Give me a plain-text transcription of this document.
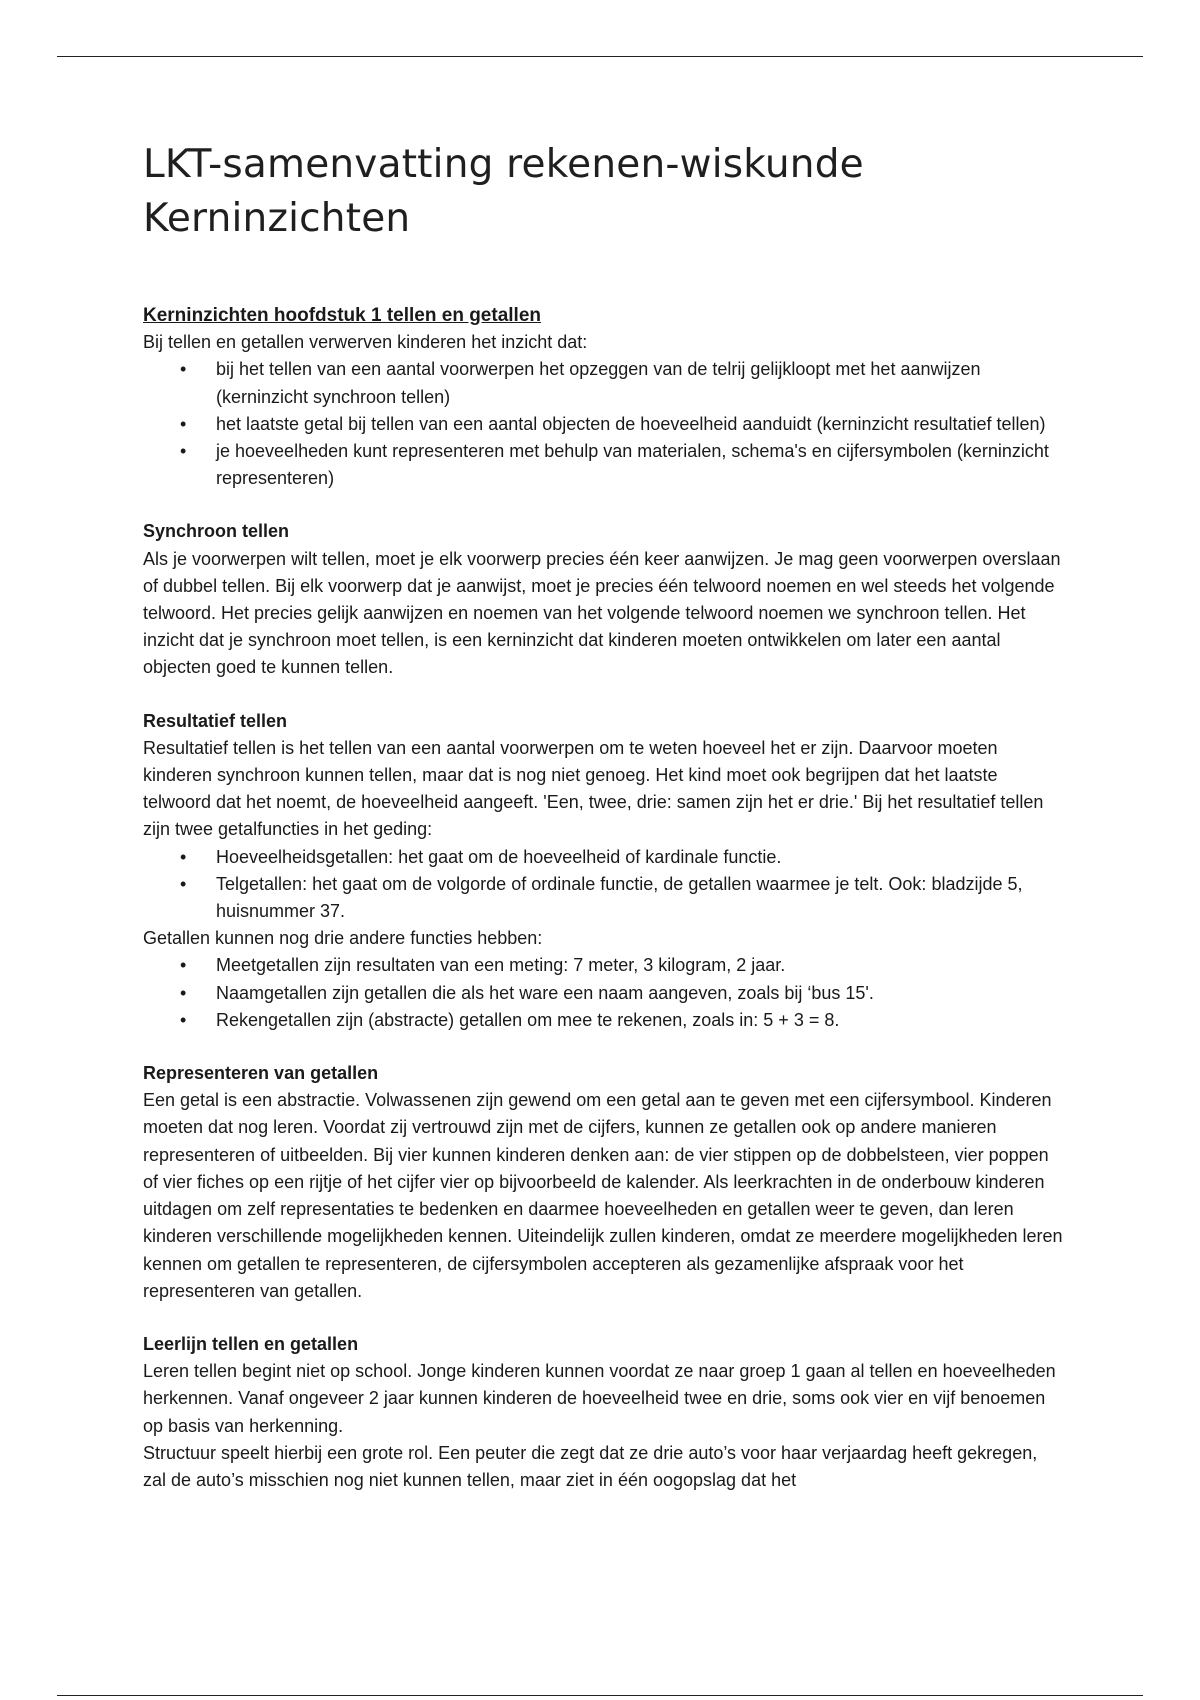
LKT-samenvatting rekenen-wiskunde
Kerninzichten

Kerninzichten hoofdstuk 1 tellen en getallen

Bij tellen en getallen verwerven kinderen het inzicht dat:

• bij het tellen van een aantal voorwerpen het opzeggen van de telrij gelijkloopt met het aanwijzen (kerninzicht synchroon tellen)
• het laatste getal bij tellen van een aantal objecten de hoeveelheid aanduidt (kerninzicht resultatief tellen)
• je hoeveelheden kunt representeren met behulp van materialen, schema's en cijfersymbolen (kerninzicht representeren)

Synchroon tellen

Als je voorwerpen wilt tellen, moet je elk voorwerp precies één keer aanwijzen. Je mag geen voorwerpen overslaan of dubbel tellen. Bij elk voorwerp dat je aanwijst, moet je precies één telwoord noemen en wel steeds het volgende telwoord. Het precies gelijk aanwijzen en noemen van het volgende telwoord noemen we synchroon tellen. Het inzicht dat je synchroon moet tellen, is een kerninzicht dat kinderen moeten ontwikkelen om later een aantal objecten goed te kunnen tellen.

Resultatief tellen

Resultatief tellen is het tellen van een aantal voorwerpen om te weten hoeveel het er zijn. Daarvoor moeten kinderen synchroon kunnen tellen, maar dat is nog niet genoeg. Het kind moet ook begrijpen dat het laatste telwoord dat het noemt, de hoeveelheid aangeeft. 'Een, twee, drie: samen zijn het er drie.' Bij het resultatief tellen zijn twee getalfuncties in het geding:

• Hoeveelheidsgetallen: het gaat om de hoeveelheid of kardinale functie.
• Telgetallen: het gaat om de volgorde of ordinale functie, de getallen waarmee je telt. Ook: bladzijde 5, huisnummer 37.

Getallen kunnen nog drie andere functies hebben:

• Meetgetallen zijn resultaten van een meting: 7 meter, 3 kilogram, 2 jaar.
• Naamgetallen zijn getallen die als het ware een naam aangeven, zoals bij ‘bus 15'.
• Rekengetallen zijn (abstracte) getallen om mee te rekenen, zoals in: 5 + 3 = 8.

Representeren van getallen

Een getal is een abstractie. Volwassenen zijn gewend om een getal aan te geven met een cijfersymbool. Kinderen moeten dat nog leren. Voordat zij vertrouwd zijn met de cijfers, kunnen ze getallen ook op andere manieren representeren of uitbeelden. Bij vier kunnen kinderen denken aan: de vier stippen op de dobbelsteen, vier poppen of vier fiches op een rijtje of het cijfer vier op bijvoorbeeld de kalender. Als leerkrachten in de onderbouw kinderen uitdagen om zelf representaties te bedenken en daarmee hoeveelheden en getallen weer te geven, dan leren kinderen verschillende mogelijkheden kennen. Uiteindelijk zullen kinderen, omdat ze meerdere mogelijkheden leren kennen om getallen te representeren, de cijfersymbolen accepteren als gezamenlijke afspraak voor het representeren van getallen.

Leerlijn tellen en getallen

Leren tellen begint niet op school. Jonge kinderen kunnen voordat ze naar groep 1 gaan al tellen en hoeveelheden herkennen. Vanaf ongeveer 2 jaar kunnen kinderen de hoeveelheid twee en drie, soms ook vier en vijf benoemen op basis van herkenning.

Structuur speelt hierbij een grote rol. Een peuter die zegt dat ze drie auto’s voor haar verjaardag heeft gekregen, zal de auto’s misschien nog niet kunnen tellen, maar ziet in één oogopslag dat het
